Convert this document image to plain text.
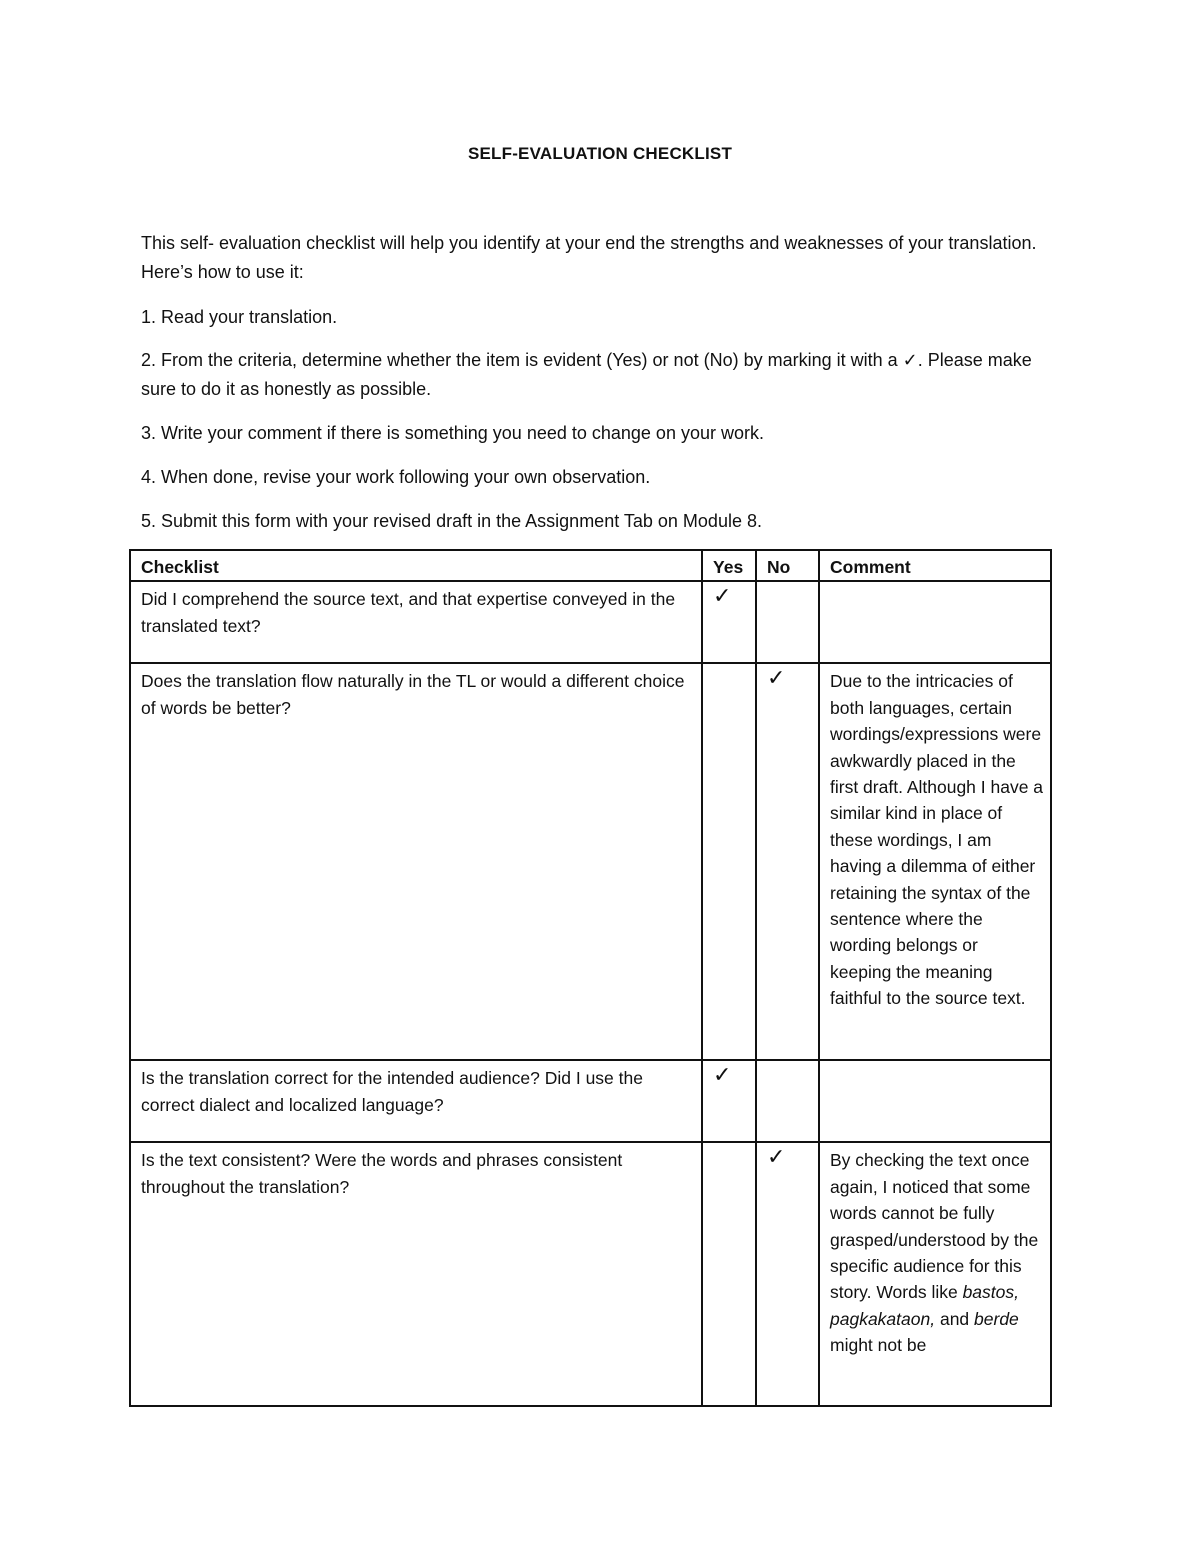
SELF-EVALUATION CHECKLIST
This self- evaluation checklist will help you identify at your end the strengths and weaknesses of your translation. Here’s how to use it:
1. Read your translation.
2. From the criteria, determine whether the item is evident (Yes) or not (No) by marking it with a ✓. Please make sure to do it as honestly as possible.
3. Write your comment if there is something you need to change on your work.
4. When done, revise your work following your own observation.
5. Submit this form with your revised draft in the Assignment Tab on Module 8.
Checklist	Yes	No	Comment
Did I comprehend the source text, and that expertise conveyed in the translated text?	✓		
Does the translation flow naturally in the TL or would a different choice of words be better?		✓	Due to the intricacies of both languages, certain wordings/expressions were awkwardly placed in the first draft. Although I have a similar kind in place of these wordings, I am having a dilemma of either retaining the syntax of the sentence where the wording belongs or keeping the meaning faithful to the source text.
Is the translation correct for the intended audience? Did I use the correct dialect and localized language?	✓		
Is the text consistent? Were the words and phrases consistent throughout the translation?		✓	By checking the text once again, I noticed that some words cannot be fully grasped/understood by the specific audience for this story. Words like bastos, pagkakataon, and berde might not be
